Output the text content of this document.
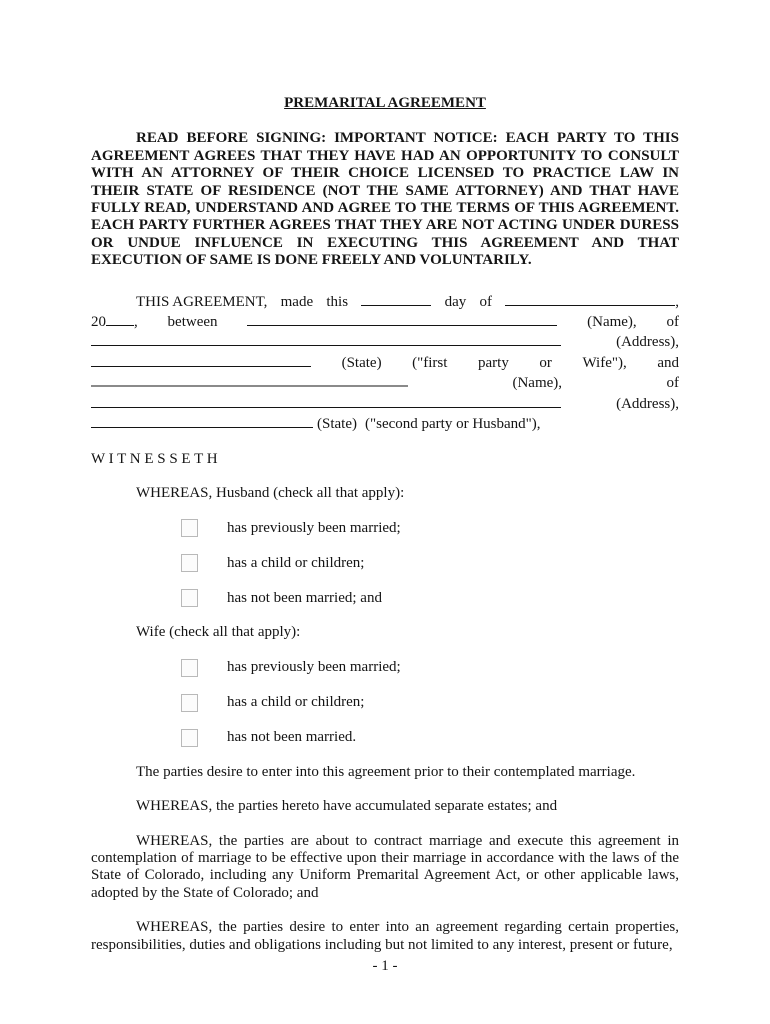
PREMARITAL AGREEMENT
READ BEFORE SIGNING: IMPORTANT NOTICE: EACH PARTY TO THIS AGREEMENT AGREES THAT THEY HAVE HAD AN OPPORTUNITY TO CONSULT WITH AN ATTORNEY OF THEIR CHOICE LICENSED TO PRACTICE LAW IN THEIR STATE OF RESIDENCE (NOT THE SAME ATTORNEY) AND THAT HAVE FULLY READ, UNDERSTAND AND AGREE TO THE TERMS OF THIS AGREEMENT. EACH PARTY FURTHER AGREES THAT THEY ARE NOT ACTING UNDER DURESS OR UNDUE INFLUENCE IN EXECUTING THIS AGREEMENT AND THAT EXECUTION OF SAME IS DONE FREELY AND VOLUNTARILY.
THIS AGREEMENT, made this	day of	,
20 , between	(Name), of
(Address),
(State) ("first party or Wife"), and
(Name),	of
(Address),
(State) ("second party or Husband"),
W I T N E S S E T H
WHEREAS, Husband (check all that apply):
has previously been married;
has a child or children;
has not been married; and
Wife (check all that apply):
has previously been married;
has a child or children;
has not been married.
The parties desire to enter into this agreement prior to their contemplated marriage.
WHEREAS, the parties hereto have accumulated separate estates; and
WHEREAS, the parties are about to contract marriage and execute this agreement in contemplation of marriage to be effective upon their marriage in accordance with the laws of the State of Colorado, including any Uniform Premarital Agreement Act, or other applicable laws, adopted by the State of Colorado; and
WHEREAS, the parties desire to enter into an agreement regarding certain properties, responsibilities, duties and obligations including but not limited to any interest, present or future,
- 1 -
